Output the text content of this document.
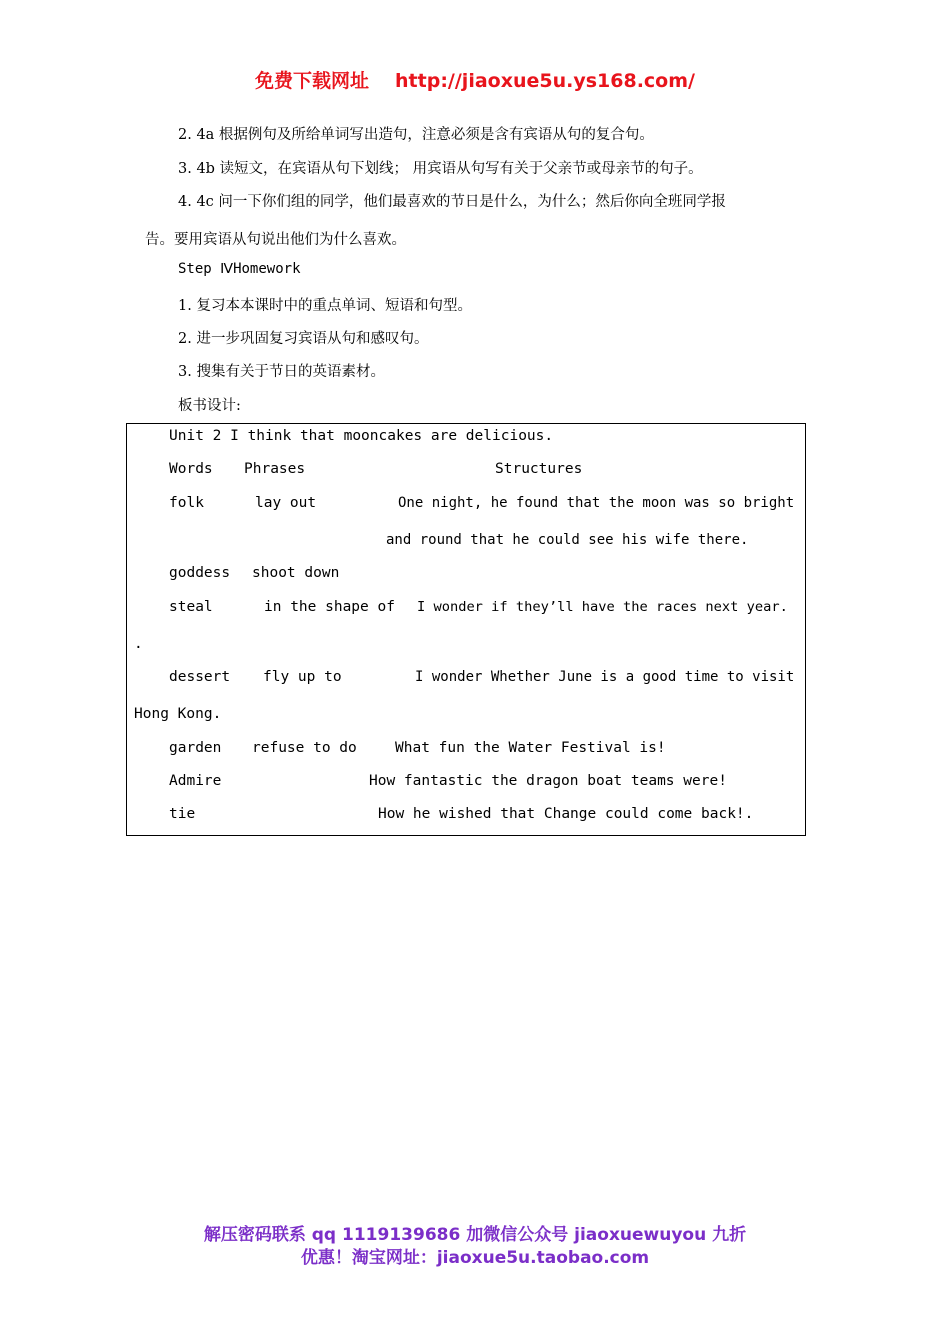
免费下载网址 http://jiaoxue5u.ys168.com/
2. 4a 根据例句及所给单词写出造句，注意必须是含有宾语从句的复合句。
3. 4b 读短文，在宾语从句下划线； 用宾语从句写有关于父亲节或母亲节的句子。
4. 4c 问一下你们组的同学，他们最喜欢的节日是什么，为什么；然后你向全班同学报
告。要用宾语从句说出他们为什么喜欢。
Step ⅣHomework
1. 复习本本课时中的重点单词、短语和句型。
2. 进一步巩固复习宾语从句和感叹句。
3. 搜集有关于节日的英语素材。
板书设计:
Unit 2 I think that mooncakes are delicious.
Words Phrases	Structures
folk	lay out	One night, he found that the moon was so bright
and round that he could see his wife there.
goddess shoot down
steal	in the shape of I wonder if they’ll have the races next year.
.
dessert fly up to	I wonder Whether June is a good time to visit
Hong Kong.
garden refuse to do	What fun the Water Festival is!
Admire	How fantastic the dragon boat teams were!
tie	How he wished that Change could come back!.
解压密码联系 qq 1119139686 加微信公众号 jiaoxuewuyou 九折
优惠！淘宝网址：jiaoxue5u.taobao.com
